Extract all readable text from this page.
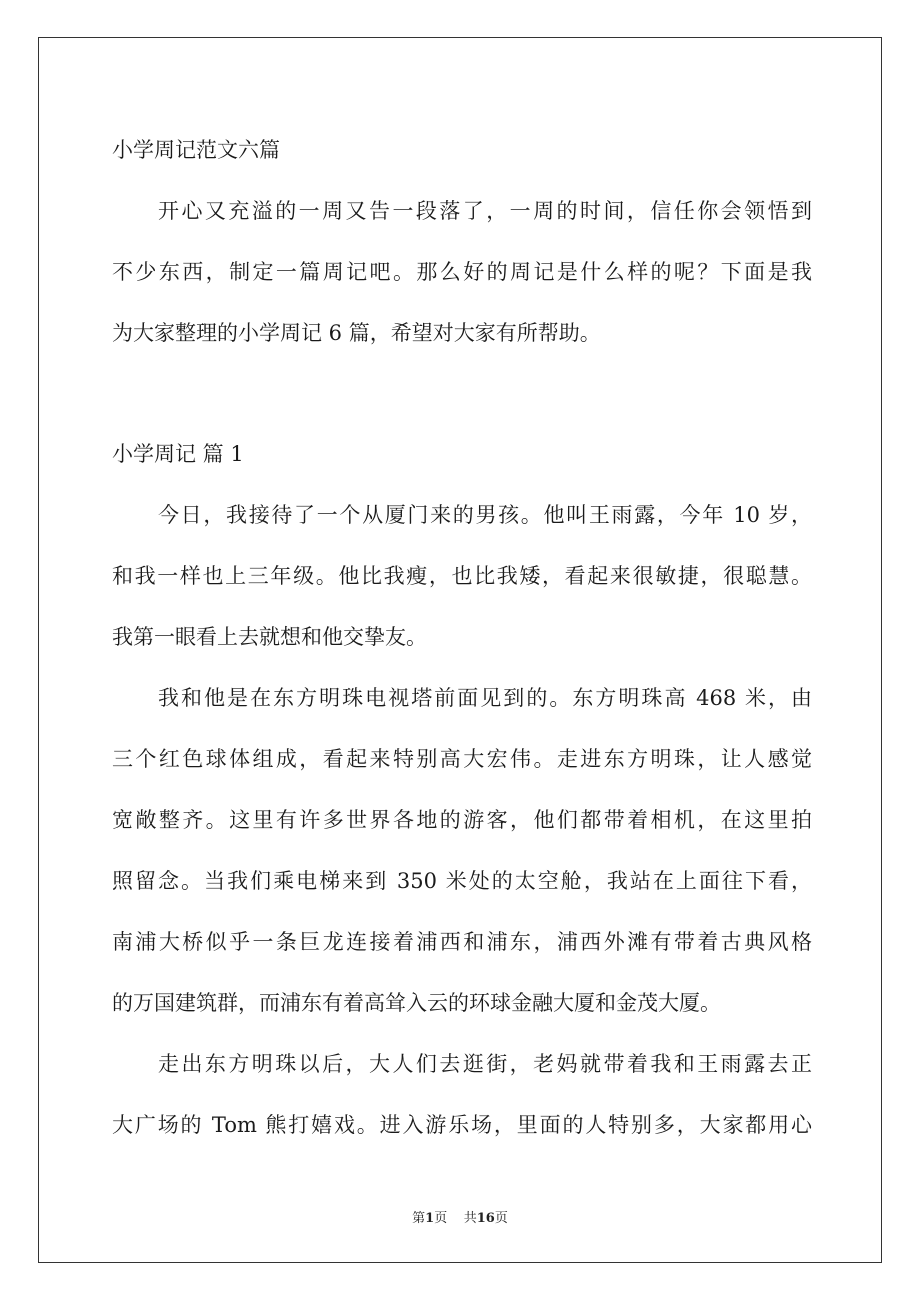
小学周记范文六篇
开心又充溢的一周又告一段落了，一周的时间，信任你会领悟到
不少东西，制定一篇周记吧。那么好的周记是什么样的呢？下面是我
为大家整理的小学周记 6 篇，希望对大家有所帮助。
小学周记 篇 1
今日，我接待了一个从厦门来的男孩。他叫王雨露，今年 10 岁，
和我一样也上三年级。他比我瘦，也比我矮，看起来很敏捷，很聪慧。
我第一眼看上去就想和他交挚友。
我和他是在东方明珠电视塔前面见到的。东方明珠高 468 米，由
三个红色球体组成，看起来特别高大宏伟。走进东方明珠，让人感觉
宽敞整齐。这里有许多世界各地的游客，他们都带着相机，在这里拍
照留念。当我们乘电梯来到 350 米处的太空舱，我站在上面往下看，
南浦大桥似乎一条巨龙连接着浦西和浦东，浦西外滩有带着古典风格
的万国建筑群，而浦东有着高耸入云的环球金融大厦和金茂大厦。
走出东方明珠以后，大人们去逛街，老妈就带着我和王雨露去正
大广场的 Tom 熊打嬉戏。进入游乐场，里面的人特别多，大家都用心
第1页 共16页
